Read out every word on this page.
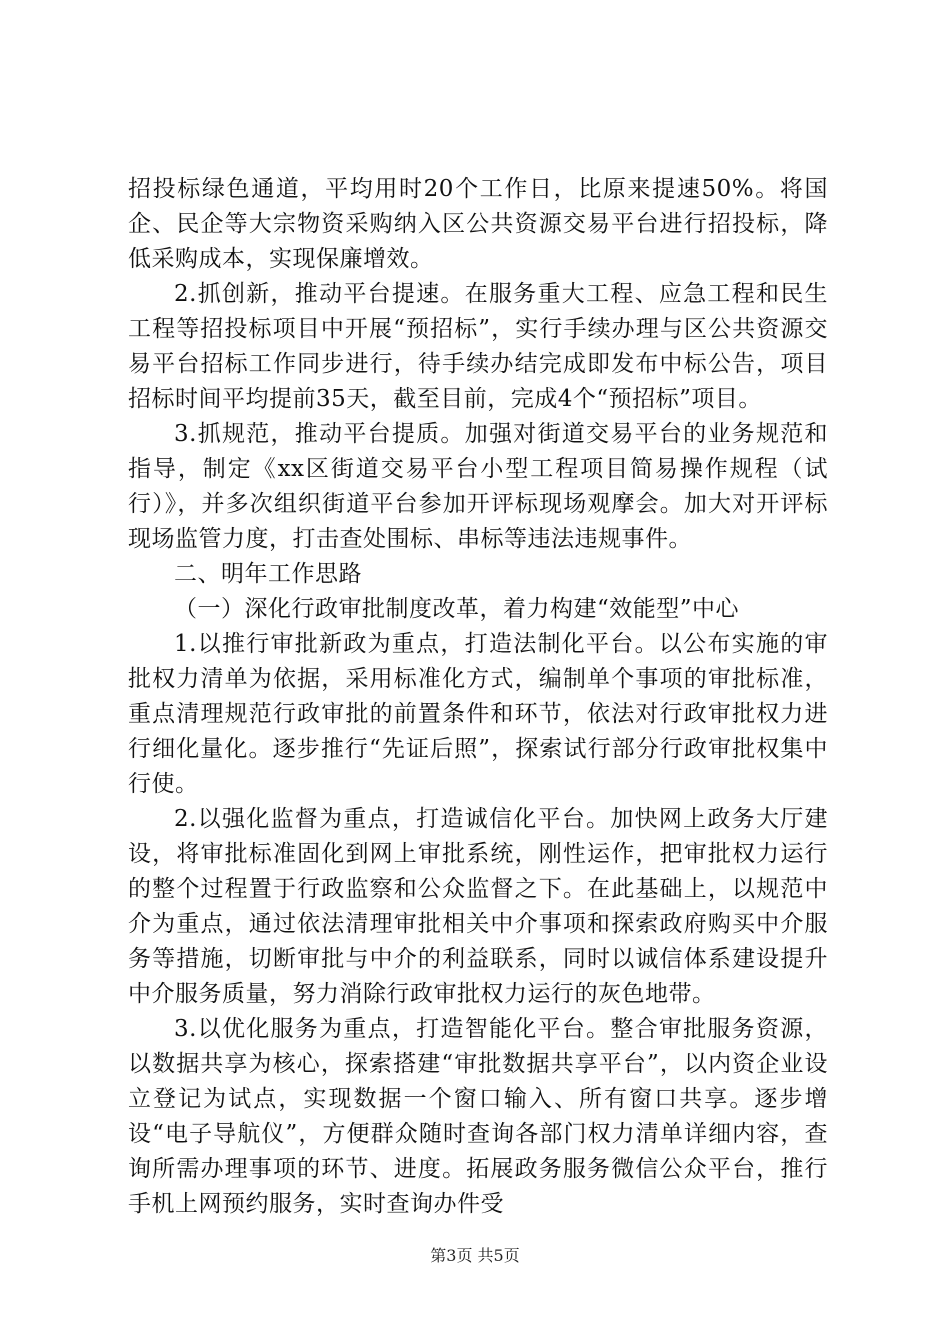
招投标绿色通道，平均用时20个工作日，比原来提速50%。将国企、民企等大宗物资采购纳入区公共资源交易平台进行招投标，降低采购成本，实现保廉增效。

2.抓创新，推动平台提速。在服务重大工程、应急工程和民生工程等招投标项目中开展“预招标”，实行手续办理与区公共资源交易平台招标工作同步进行，待手续办结完成即发布中标公告，项目招标时间平均提前35天，截至目前，完成4个“预招标”项目。

3.抓规范，推动平台提质。加强对街道交易平台的业务规范和指导，制定《xx区街道交易平台小型工程项目简易操作规程（试行）》，并多次组织街道平台参加开评标现场观摩会。加大对开评标现场监管力度，打击查处围标、串标等违法违规事件。

二、明年工作思路

（一）深化行政审批制度改革，着力构建“效能型”中心

1.以推行审批新政为重点，打造法制化平台。以公布实施的审批权力清单为依据，采用标准化方式，编制单个事项的审批标准，重点清理规范行政审批的前置条件和环节，依法对行政审批权力进行细化量化。逐步推行“先证后照”，探索试行部分行政审批权集中行使。

2.以强化监督为重点，打造诚信化平台。加快网上政务大厅建设，将审批标准固化到网上审批系统，刚性运作，把审批权力运行的整个过程置于行政监察和公众监督之下。在此基础上，以规范中介为重点，通过依法清理审批相关中介事项和探索政府购买中介服务等措施，切断审批与中介的利益联系，同时以诚信体系建设提升中介服务质量，努力消除行政审批权力运行的灰色地带。

3.以优化服务为重点，打造智能化平台。整合审批服务资源，以数据共享为核心，探索搭建“审批数据共享平台”，以内资企业设立登记为试点，实现数据一个窗口输入、所有窗口共享。逐步增设“电子导航仪”，方便群众随时查询各部门权力清单详细内容，查询所需办理事项的环节、进度。拓展政务服务微信公众平台，推行手机上网预约服务，实时查询办件受

第3页 共5页
